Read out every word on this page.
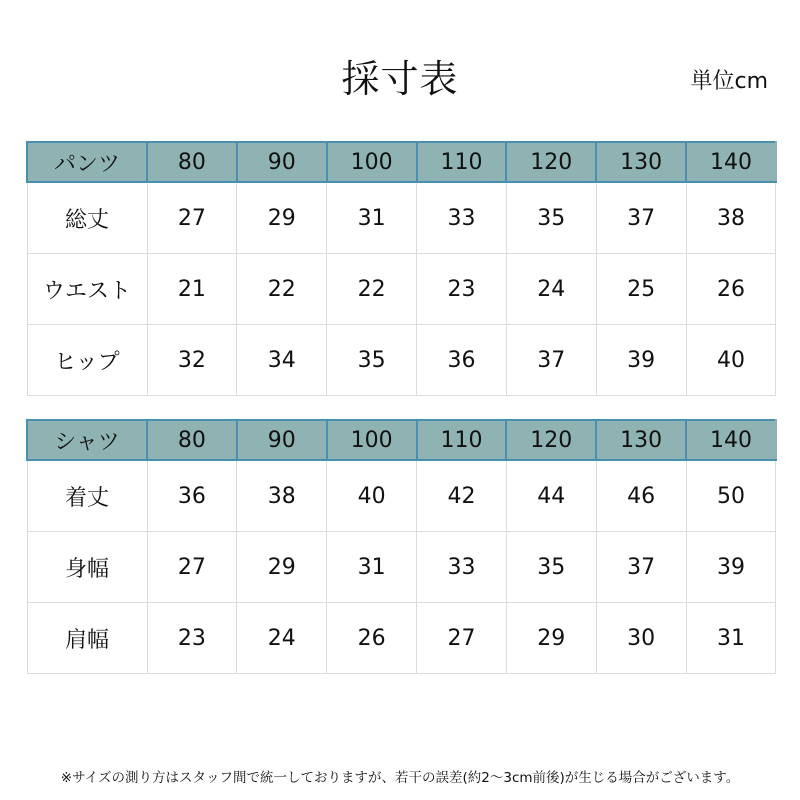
採寸表	単位cm
パンツ	80	90	100	110	120	130	140
総丈	27	29	31	33	35	37	38
ウエスト	21	22	22	23	24	25	26
ヒップ	32	34	35	36	37	39	40
シャツ	80	90	100	110	120	130	140
着丈	36	38	40	42	44	46	50
身幅	27	29	31	33	35	37	39
肩幅	23	24	26	27	29	30	31
※サイズの測り方はスタッフ間で統一しておりますが、若干の誤差(約2～3cm前後)が生じる場合がございます。
